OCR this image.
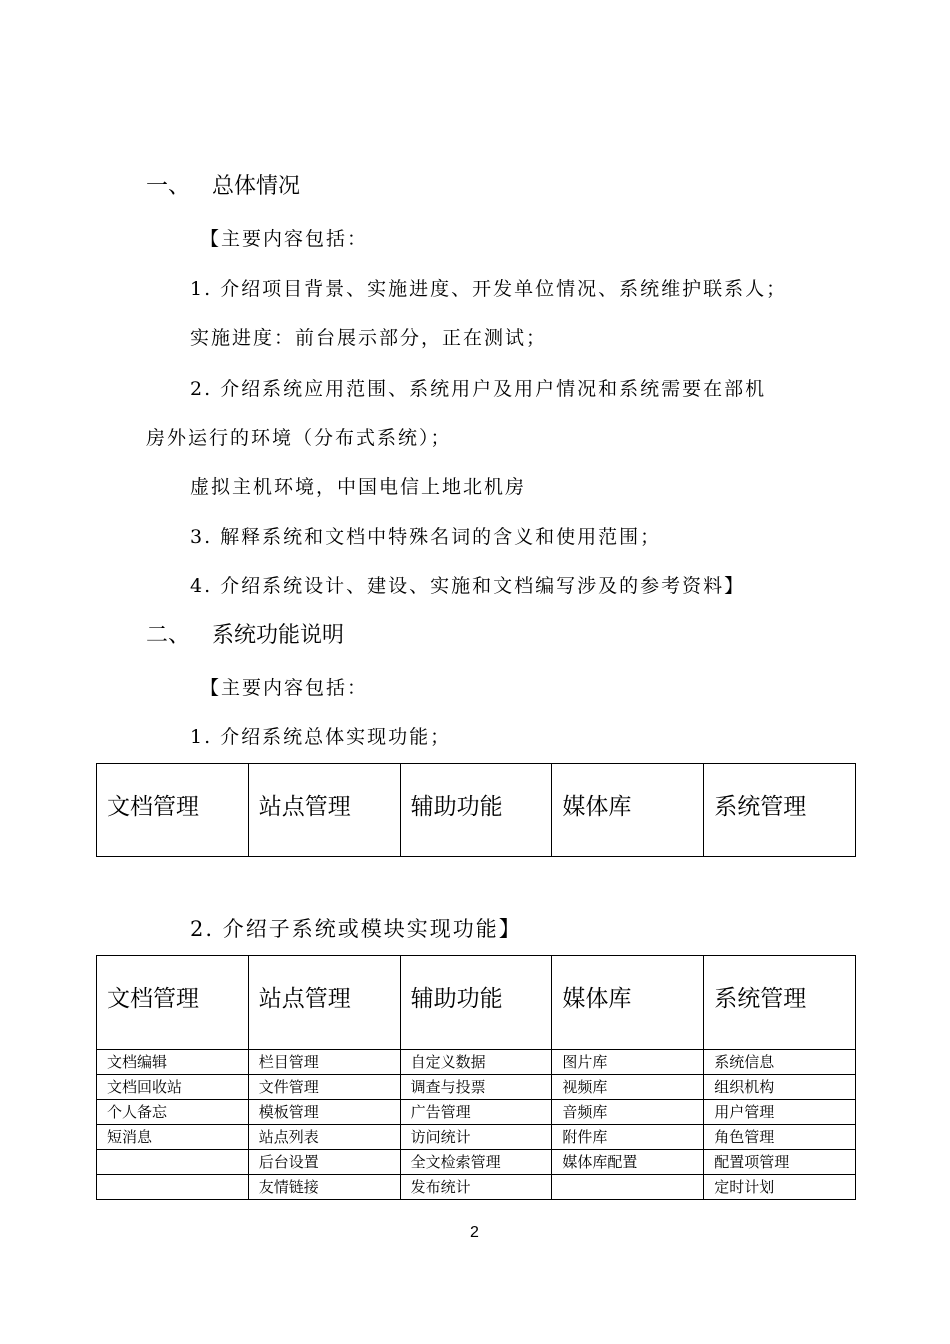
一、 总体情况
【主要内容包括：
1. 介绍项目背景、实施进度、开发单位情况、系统维护联系人；
实施进度：前台展示部分，正在测试；
2. 介绍系统应用范围、系统用户及用户情况和系统需要在部机
房外运行的环境（分布式系统）；
虚拟主机环境，中国电信上地北机房
3. 解释系统和文档中特殊名词的含义和使用范围；
4. 介绍系统设计、建设、实施和文档编写涉及的参考资料】
二、 系统功能说明
【主要内容包括：
1. 介绍系统总体实现功能；
文档管理	站点管理	辅助功能	媒体库	系统管理
2. 介绍子系统或模块实现功能】
文档管理	站点管理	辅助功能	媒体库	系统管理
文档编辑	栏目管理	自定义数据	图片库	系统信息
文档回收站	文件管理	调查与投票	视频库	组织机构
个人备忘	模板管理	广告管理	音频库	用户管理
短消息	站点列表	访问统计	附件库	角色管理
	后台设置	全文检索管理	媒体库配置	配置项管理
	友情链接	发布统计		定时计划
2
